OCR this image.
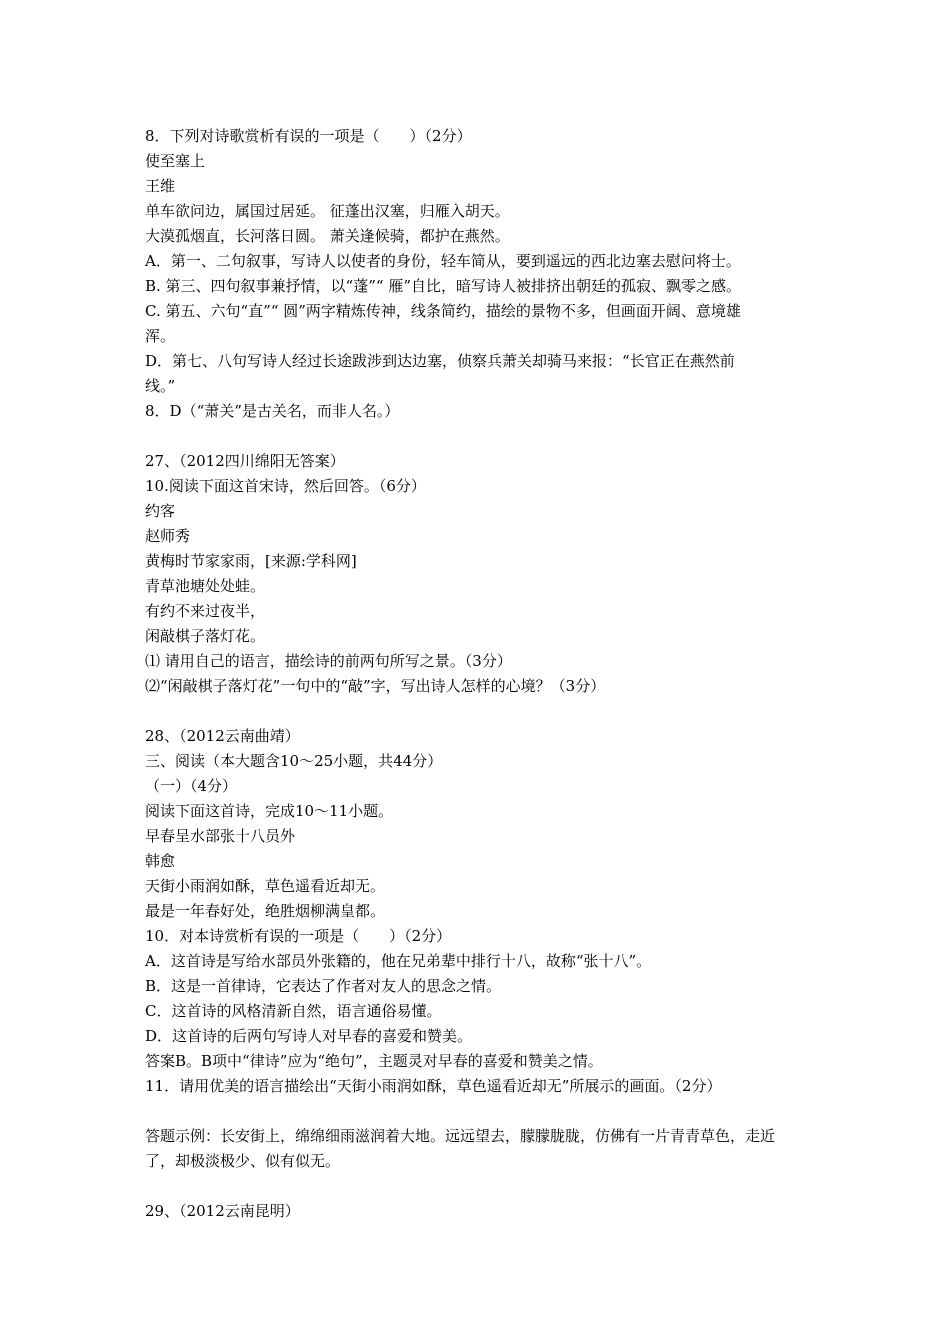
8．下列对诗歌赏析有误的一项是（　　）（2分）
使至塞上
王维
单车欲问边，属国过居延。 征蓬出汉塞，归雁入胡天。
大漠孤烟直，长河落日圆。 萧关逢候骑，都护在燕然。
A．第一、二句叙事，写诗人以使者的身份，轻车简从，要到遥远的西北边塞去慰问将士。
B. 第三、四句叙事兼抒情，以“蓬”“ 雁”自比，暗写诗人被排挤出朝廷的孤寂、飘零之感。
C. 第五、六句“直”“ 圆”两字精炼传神，线条简约，描绘的景物不多，但画面开阔、意境雄
浑。
D．第七、八句写诗人经过长途跋涉到达边塞，侦察兵萧关却骑马来报：“长官正在燕然前
线。”
8．D（“萧关”是古关名，而非人名。）
27、（2012四川绵阳无答案）
10.阅读下面这首宋诗，然后回答。（6分）
约客
赵师秀
黄梅时节家家雨，[来源:学科网]
青草池塘处处蛙。
有约不来过夜半，
闲敲棋子落灯花。
⑴ 请用自己的语言，描绘诗的前两句所写之景。（3分）
⑵“闲敲棋子落灯花”一句中的“敲”字，写出诗人怎样的心境？（3分）
28、（2012云南曲靖）
三、阅读（本大题含10～25小题，共44分）
（一）（4分）
阅读下面这首诗，完成10～11小题。
早春呈水部张十八员外
韩愈
天街小雨润如酥，草色遥看近却无。
最是一年春好处，绝胜烟柳满皇都。
10．对本诗赏析有误的一项是（　　）（2分）
A．这首诗是写给水部员外张籍的，他在兄弟辈中排行十八，故称“张十八”。
B．这是一首律诗，它表达了作者对友人的思念之情。
C．这首诗的风格清新自然，语言通俗易懂。
D．这首诗的后两句写诗人对早春的喜爱和赞美。
答案B。B项中“律诗”应为“绝句”，主题灵对早春的喜爱和赞美之情。
11．请用优美的语言描绘出“天街小雨润如酥，草色遥看近却无”所展示的画面。（2分）
答题示例：长安街上，绵绵细雨滋润着大地。远远望去，朦朦胧胧，仿佛有一片青青草色，走近
了，却极淡极少、似有似无。
29、（2012云南昆明）
